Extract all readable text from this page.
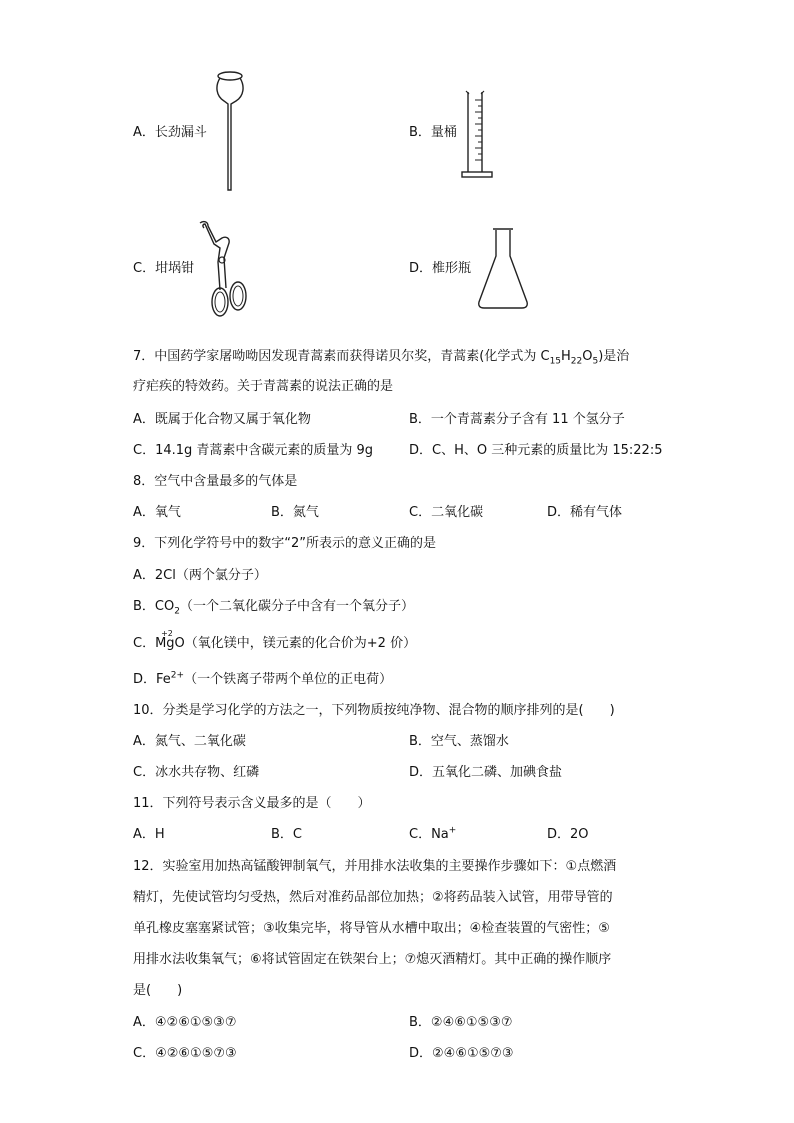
A．长劲漏斗	B．量桶
C．坩埚钳	D．椎形瓶
7．中国药学家屠呦呦因发现青蒿素而获得诺贝尔奖，青蒿素(化学式为 $C_{15}H_{22}O_5$)是治
疗疟疾的特效药。关于青蒿素的说法正确的是
A．既属于化合物又属于氧化物	B．一个青蒿素分子含有 11 个氢分子
C．14.1g 青蒿素中含碳元素的质量为 9g	D．C、H、O 三种元素的质量比为 15:22:5
8．空气中含量最多的气体是
A．氧气	B．氮气	C．二氧化碳	D．稀有气体
9．下列化学符号中的数字“2”所表示的意义正确的是
A．2Cl（两个氯分子）
B．$CO_2$（一个二氧化碳分子中含有一个氧分子）
C．
+2
MgO（氧化镁中，镁元素的化合价为+2 价）
D．$Fe^{2+}$（一个铁离子带两个单位的正电荷）
10．分类是学习化学的方法之一，下列物质按纯净物、混合物的顺序排列的是(　　)
A．氮气、二氧化碳	B．空气、蒸馏水
C．冰水共存物、红磷	D．五氧化二磷、加碘食盐
11．下列符号表示含义最多的是（　　）
A．H	B．C	C．Na+	D．2O
12．实验室用加热高锰酸钾制氧气，并用排水法收集的主要操作步骤如下：①点燃酒
精灯，先使试管均匀受热，然后对准药品部位加热；②将药品装入试管，用带导管的
单孔橡皮塞塞紧试管；③收集完毕，将导管从水槽中取出；④检查装置的气密性；⑤
用排水法收集氧气；⑥将试管固定在铁架台上；⑦熄灭酒精灯。其中正确的操作顺序
是(　　)
A．④②⑥①⑤③⑦	B．②④⑥①⑤③⑦
C．④②⑥①⑤⑦③	D．②④⑥①⑤⑦③
